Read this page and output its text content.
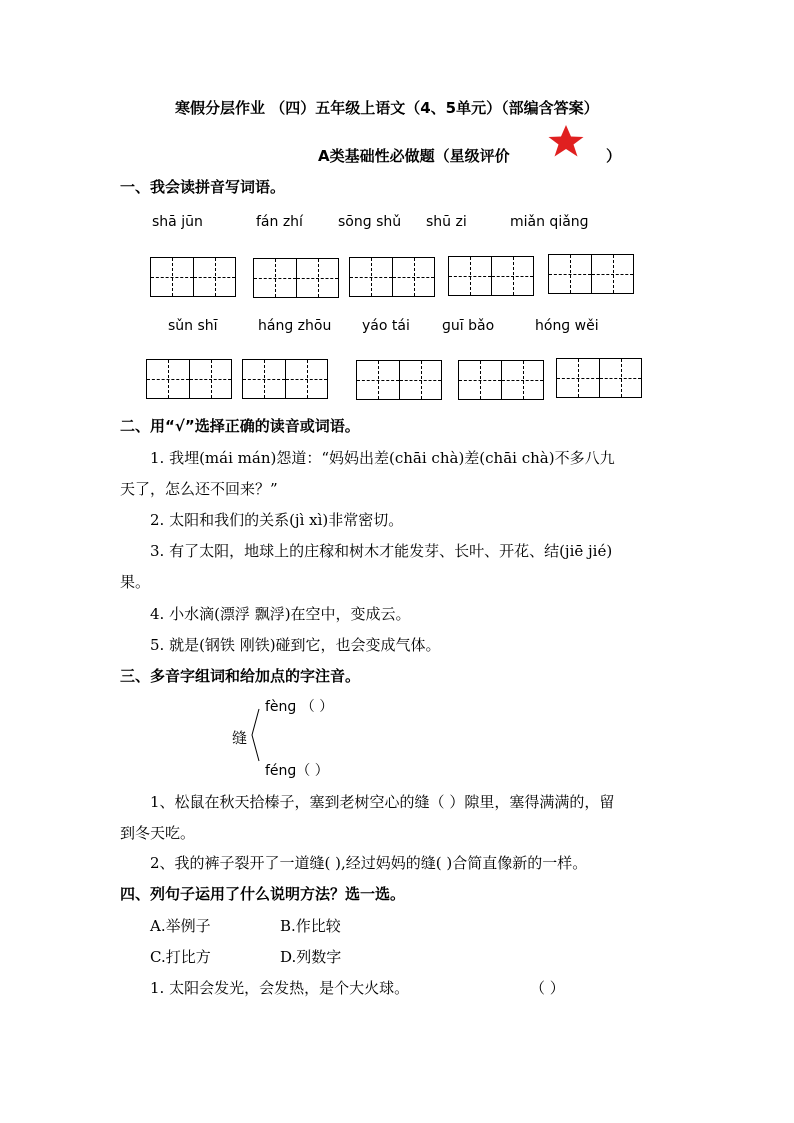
寒假分层作业 （四）五年级上语文（4、5单元）（部编含答案）
A类基础性必做题（星级评价	）
一、我会读拼音写词语。
shā jūn	fán zhí	sōnɡ shǔ shū zi	miǎn qiǎnɡ
sǔn shī	hánɡ zhōu yáo tái ɡuī bǎo	hónɡ wěi
二、用“√”选择正确的读音或词语。
1. 我埋(mái mán)怨道：“妈妈出差(chāi chà)差(chāi chà)不多八九
天了，怎么还不回来？”
2. 太阳和我们的关系(jì xì)非常密切。
3. 有了太阳，地球上的庄稼和树木才能发芽、长叶、开花、结(jiē jié)
果。
4. 小水滴(漂浮 飘浮)在空中，变成云。
5. 就是(钢铁 刚铁)碰到它，也会变成气体。
三、多音字组词和给加点的字注音。
fènɡ （ ）
缝
fénɡ（ ）
1、松鼠在秋天拾榛子，塞到老树空心的缝（ ）隙里，塞得满满的，留
到冬天吃。
2、我的裤子裂开了一道缝( ),经过妈妈的缝( )合简直像新的一样。
四、列句子运用了什么说明方法？选一选。
A.举例子	B.作比较
C.打比方	D.列数字
1. 太阳会发光，会发热，是个大火球。	（ ）
